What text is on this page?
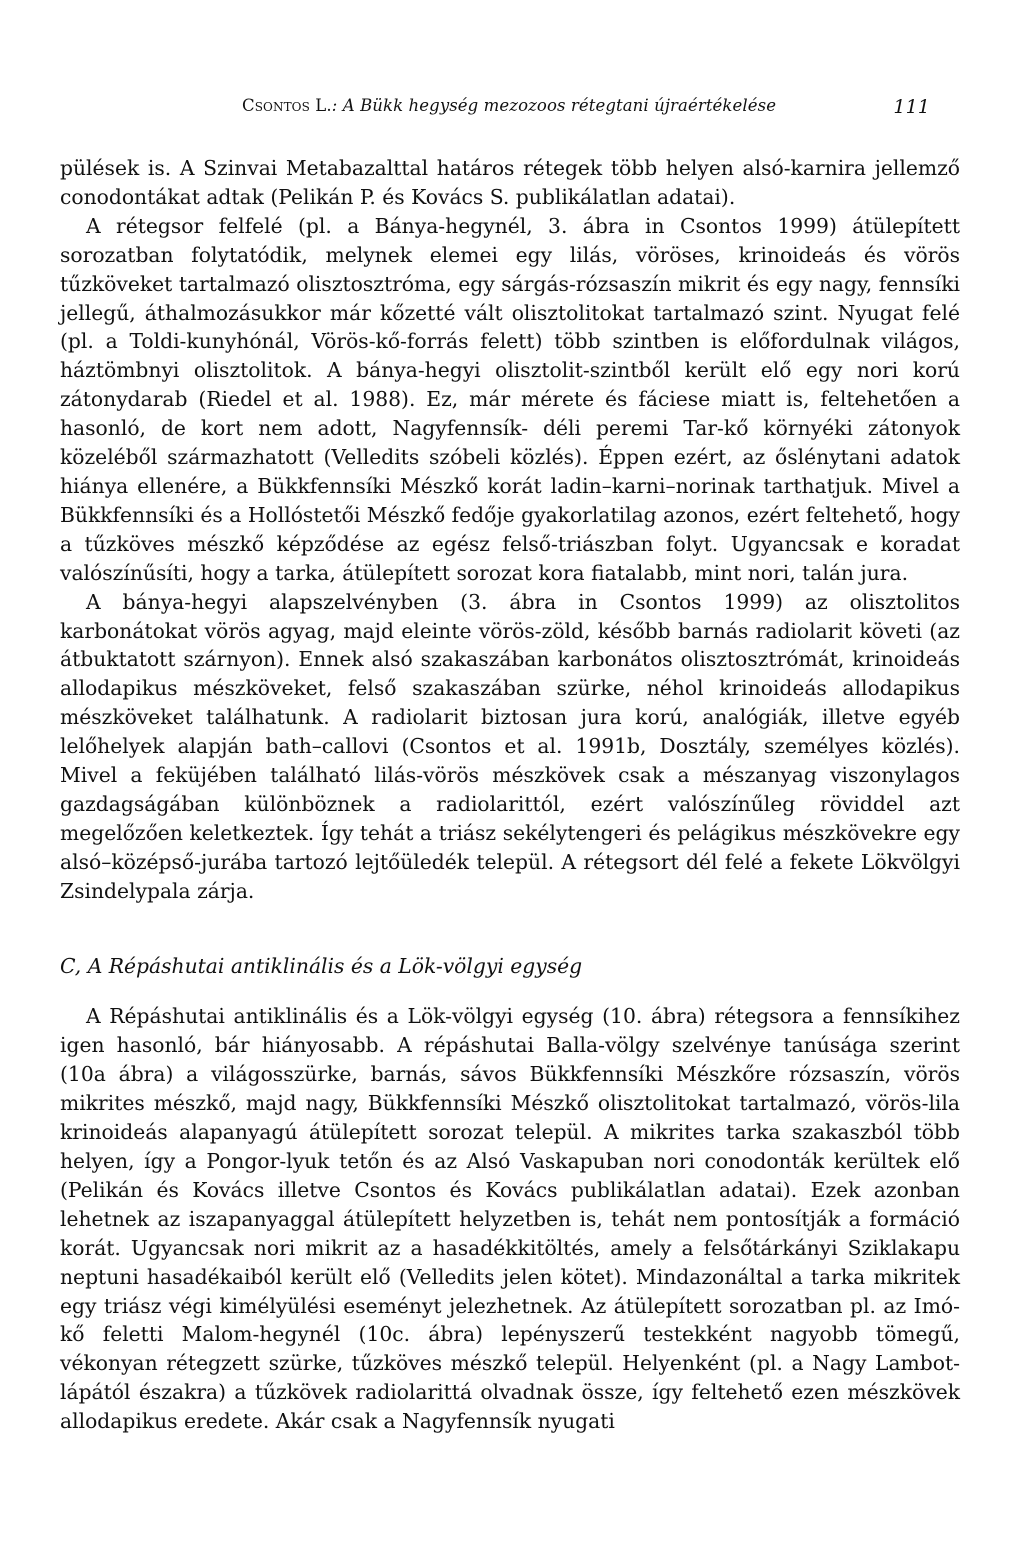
Csontos L.: A Bükk hegység mezozoos rétegtani újraértékelése	111

pülések is. A Szinvai Metabazalttal határos rétegek több helyen alsó-karnira jellemző conodontákat adtak (Pelikán P. és Kovács S. publikálatlan adatai).

A rétegsor felfelé (pl. a Bánya-hegynél, 3. ábra in Csontos 1999) átülepített sorozatban folytatódik, melynek elemei egy lilás, vöröses, krinoideás és vörös tűzköveket tartalmazó olisztosztróma, egy sárgás-rózsaszín mikrit és egy nagy, fennsíki jellegű, áthalmozásukkor már kőzetté vált olisztolitokat tartalmazó szint. Nyugat felé (pl. a Toldi-kunyhónál, Vörös-kő-forrás felett) több szintben is előfordulnak világos, háztömbnyi olisztolitok. A bánya-hegyi olisztolit-szintből került elő egy nori korú zátonydarab (Riedel et al. 1988). Ez, már mérete és fáciese miatt is, feltehetően a hasonló, de kort nem adott, Nagyfennsík- déli peremi Tar-kő környéki zátonyok közeléből származhatott (Velledits szóbeli közlés). Éppen ezért, az őslénytani adatok hiánya ellenére, a Bükkfennsíki Mészkő korát ladin–karni–norinak tarthatjuk. Mivel a Bükkfennsíki és a Hollóstetői Mészkő fedője gyakorlatilag azonos, ezért feltehető, hogy a tűzköves mészkő képződése az egész felső-triászban folyt. Ugyancsak e koradat valószínűsíti, hogy a tarka, átülepített sorozat kora fiatalabb, mint nori, talán jura.

A bánya-hegyi alapszelvényben (3. ábra in Csontos 1999) az olisztolitos karbonátokat vörös agyag, majd eleinte vörös-zöld, később barnás radiolarit követi (az átbuktatott szárnyon). Ennek alsó szakaszában karbonátos olisztosztrómát, krinoideás allodapikus mészköveket, felső szakaszában szürke, néhol krinoideás allodapikus mészköveket találhatunk. A radiolarit biztosan jura korú, analógiák, illetve egyéb lelőhelyek alapján bath–callovi (Csontos et al. 1991b, Dosztály, személyes közlés). Mivel a feküjében található lilás-vörös mészkövek csak a mészanyag viszonylagos gazdagságában különböznek a radiolarittól, ezért valószínűleg röviddel azt megelőzően keletkeztek. Így tehát a triász sekélytengeri és pelágikus mészkövekre egy alsó–középső-jurába tartozó lejtőüledék települ. A rétegsort dél felé a fekete Lökvölgyi Zsindelypala zárja.

C, A Répáshutai antiklinális és a Lök-völgyi egység

A Répáshutai antiklinális és a Lök-völgyi egység (10. ábra) rétegsora a fennsíkihez igen hasonló, bár hiányosabb. A répáshutai Balla-völgy szelvénye tanúsága szerint (10a ábra) a világosszürke, barnás, sávos Bükkfennsíki Mészkőre rózsaszín, vörös mikrites mészkő, majd nagy, Bükkfennsíki Mészkő olisztolitokat tartalmazó, vörös-lila krinoideás alapanyagú átülepített sorozat települ. A mikrites tarka szakaszból több helyen, így a Pongor-lyuk tetőn és az Alsó Vaskapuban nori conodonták kerültek elő (Pelikán és Kovács illetve Csontos és Kovács publikálatlan adatai). Ezek azonban lehetnek az iszapanyaggal átülepített helyzetben is, tehát nem pontosítják a formáció korát. Ugyancsak nori mikrit az a hasadékkitöltés, amely a felsőtárkányi Sziklakapu neptuni hasadékaiból került elő (Velledits jelen kötet). Mindazonáltal a tarka mikritek egy triász végi kimélyülési eseményt jelezhetnek. Az átülepített sorozatban pl. az Imó-kő feletti Malom-hegynél (10c. ábra) lepényszerű testekként nagyobb tömegű, vékonyan rétegzett szürke, tűzköves mészkő települ. Helyenként (pl. a Nagy Lambot-lápától északra) a tűzkövek radiolarittá olvadnak össze, így feltehető ezen mészkövek allodapikus eredete. Akár csak a Nagyfennsík nyugati
